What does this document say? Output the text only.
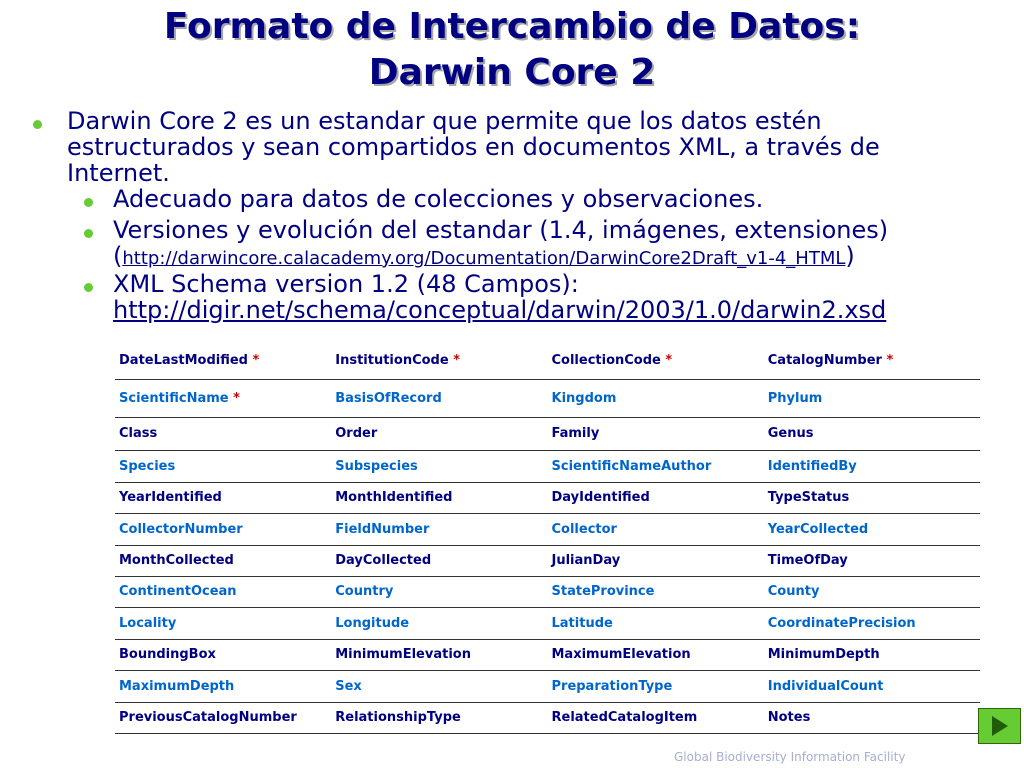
Formato de Intercambio de Datos:
Darwin Core 2
Darwin Core 2 es un estandar que permite que los datos estén
estructurados y sean compartidos en documentos XML, a través de
Internet.
Adecuado para datos de colecciones y observaciones.
Versiones y evolución del estandar (1.4, imágenes, extensiones)
(http://darwincore.calacademy.org/Documentation/DarwinCore2Draft_v1-4_HTML)
XML Schema version 1.2 (48 Campos):
http://digir.net/schema/conceptual/darwin/2003/1.0/darwin2.xsd
DateLastModified *	InstitutionCode *	CollectionCode *	CatalogNumber *
ScientificName *	BasisOfRecord	Kingdom	Phylum
Class	Order	Family	Genus
Species	Subspecies	ScientificNameAuthor	IdentifiedBy
YearIdentified	MonthIdentified	DayIdentified	TypeStatus
CollectorNumber	FieldNumber	Collector	YearCollected
MonthCollected	DayCollected	JulianDay	TimeOfDay
ContinentOcean	Country	StateProvince	County
Locality	Longitude	Latitude	CoordinatePrecision
BoundingBox	MinimumElevation	MaximumElevation	MinimumDepth
MaximumDepth	Sex	PreparationType	IndividualCount
PreviousCatalogNumber	RelationshipType	RelatedCatalogItem	Notes
Global Biodiversity Information Facility
